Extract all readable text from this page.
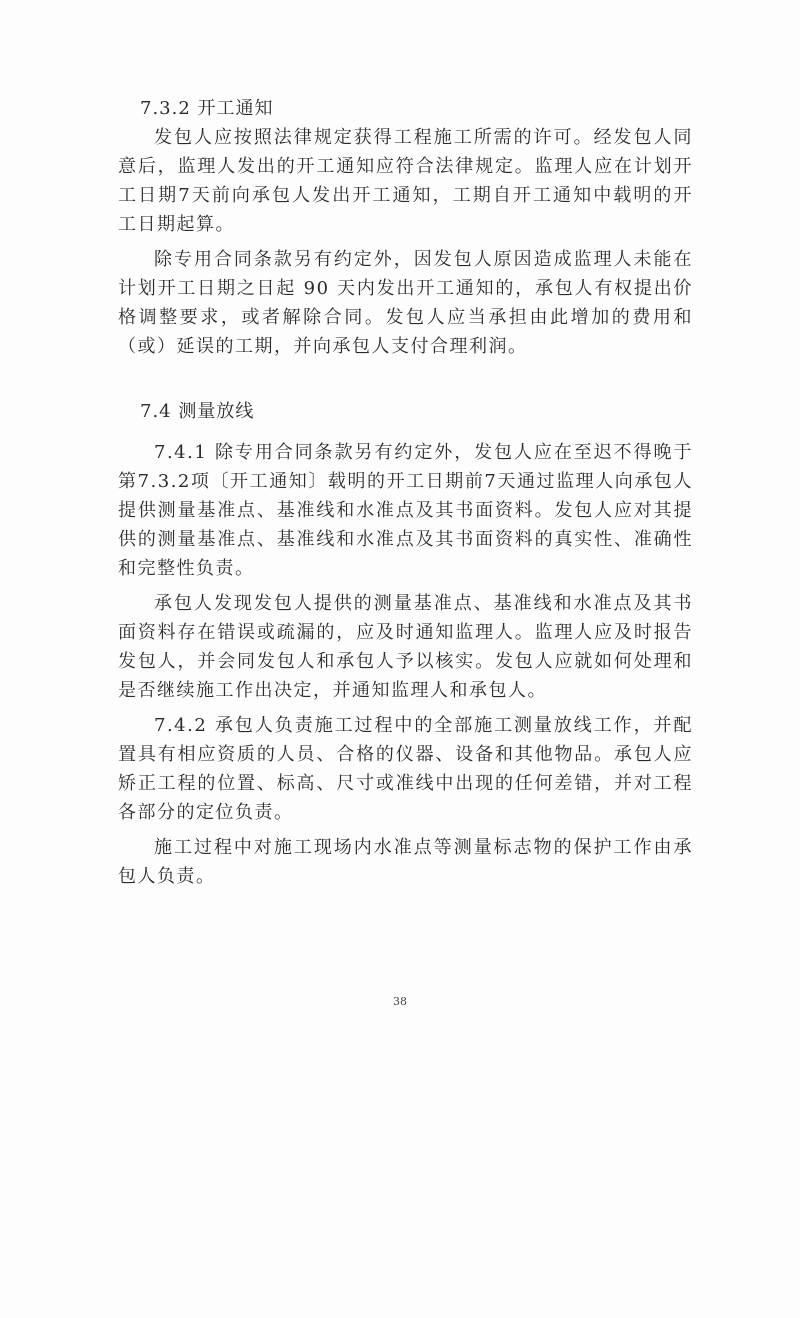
7.3.2 开工通知

发包人应按照法律规定获得工程施工所需的许可。经发包人同意后，监理人发出的开工通知应符合法律规定。监理人应在计划开工日期7天前向承包人发出开工通知，工期自开工通知中载明的开工日期起算。

除专用合同条款另有约定外，因发包人原因造成监理人未能在计划开工日期之日起 90 天内发出开工通知的，承包人有权提出价格调整要求，或者解除合同。发包人应当承担由此增加的费用和（或）延误的工期，并向承包人支付合理利润。

7.4 测量放线

7.4.1 除专用合同条款另有约定外，发包人应在至迟不得晚于第7.3.2项〔开工通知〕载明的开工日期前7天通过监理人向承包人提供测量基准点、基准线和水准点及其书面资料。发包人应对其提供的测量基准点、基准线和水准点及其书面资料的真实性、准确性和完整性负责。

承包人发现发包人提供的测量基准点、基准线和水准点及其书面资料存在错误或疏漏的，应及时通知监理人。监理人应及时报告发包人，并会同发包人和承包人予以核实。发包人应就如何处理和是否继续施工作出决定，并通知监理人和承包人。

7.4.2 承包人负责施工过程中的全部施工测量放线工作，并配置具有相应资质的人员、合格的仪器、设备和其他物品。承包人应矫正工程的位置、标高、尺寸或准线中出现的任何差错，并对工程各部分的定位负责。

施工过程中对施工现场内水准点等测量标志物的保护工作由承包人负责。

38
